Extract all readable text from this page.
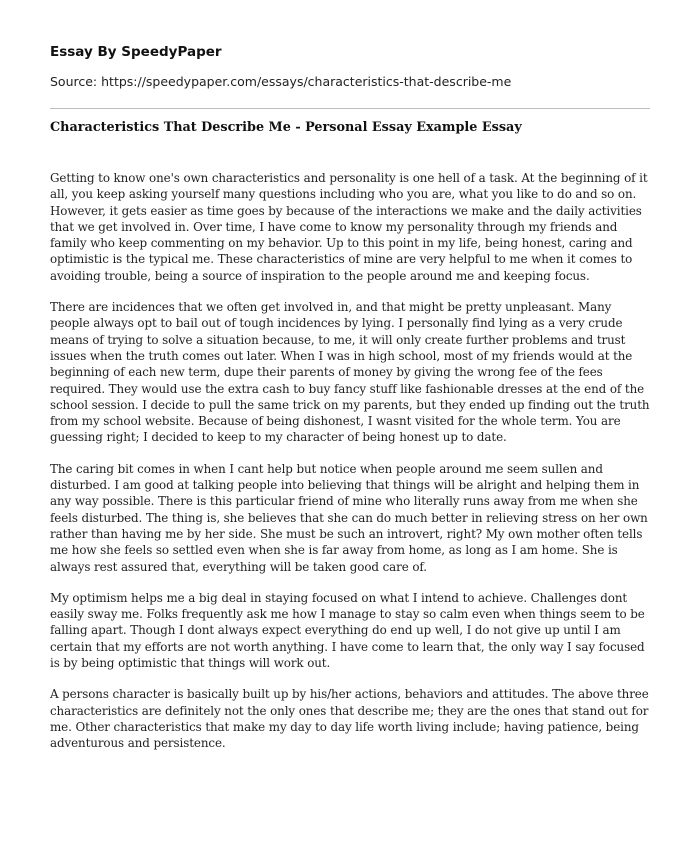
Essay By SpeedyPaper
Source: https://speedypaper.com/essays/characteristics-that-describe-me
Characteristics That Describe Me - Personal Essay Example Essay

Getting to know one's own characteristics and personality is one hell of a task. At the beginning of it all, you keep asking yourself many questions including who you are, what you like to do and so on. However, it gets easier as time goes by because of the interactions we make and the daily activities that we get involved in. Over time, I have come to know my personality through my friends and family who keep commenting on my behavior. Up to this point in my life, being honest, caring and optimistic is the typical me. These characteristics of mine are very helpful to me when it comes to avoiding trouble, being a source of inspiration to the people around me and keeping focus.

There are incidences that we often get involved in, and that might be pretty unpleasant. Many people always opt to bail out of tough incidences by lying. I personally find lying as a very crude means of trying to solve a situation because, to me, it will only create further problems and trust issues when the truth comes out later. When I was in high school, most of my friends would at the beginning of each new term, dupe their parents of money by giving the wrong fee of the fees required. They would use the extra cash to buy fancy stuff like fashionable dresses at the end of the school session. I decide to pull the same trick on my parents, but they ended up finding out the truth from my school website. Because of being dishonest, I wasnt visited for the whole term. You are guessing right; I decided to keep to my character of being honest up to date.

The caring bit comes in when I cant help but notice when people around me seem sullen and disturbed. I am good at talking people into believing that things will be alright and helping them in any way possible. There is this particular friend of mine who literally runs away from me when she feels disturbed. The thing is, she believes that she can do much better in relieving stress on her own rather than having me by her side. She must be such an introvert, right? My own mother often tells me how she feels so settled even when she is far away from home, as long as I am home. She is always rest assured that, everything will be taken good care of.

My optimism helps me a big deal in staying focused on what I intend to achieve. Challenges dont easily sway me. Folks frequently ask me how I manage to stay so calm even when things seem to be falling apart. Though I dont always expect everything do end up well, I do not give up until I am certain that my efforts are not worth anything. I have come to learn that, the only way I say focused is by being optimistic that things will work out.

A persons character is basically built up by his/her actions, behaviors and attitudes. The above three characteristics are definitely not the only ones that describe me; they are the ones that stand out for me. Other characteristics that make my day to day life worth living include; having patience, being adventurous and persistence.
